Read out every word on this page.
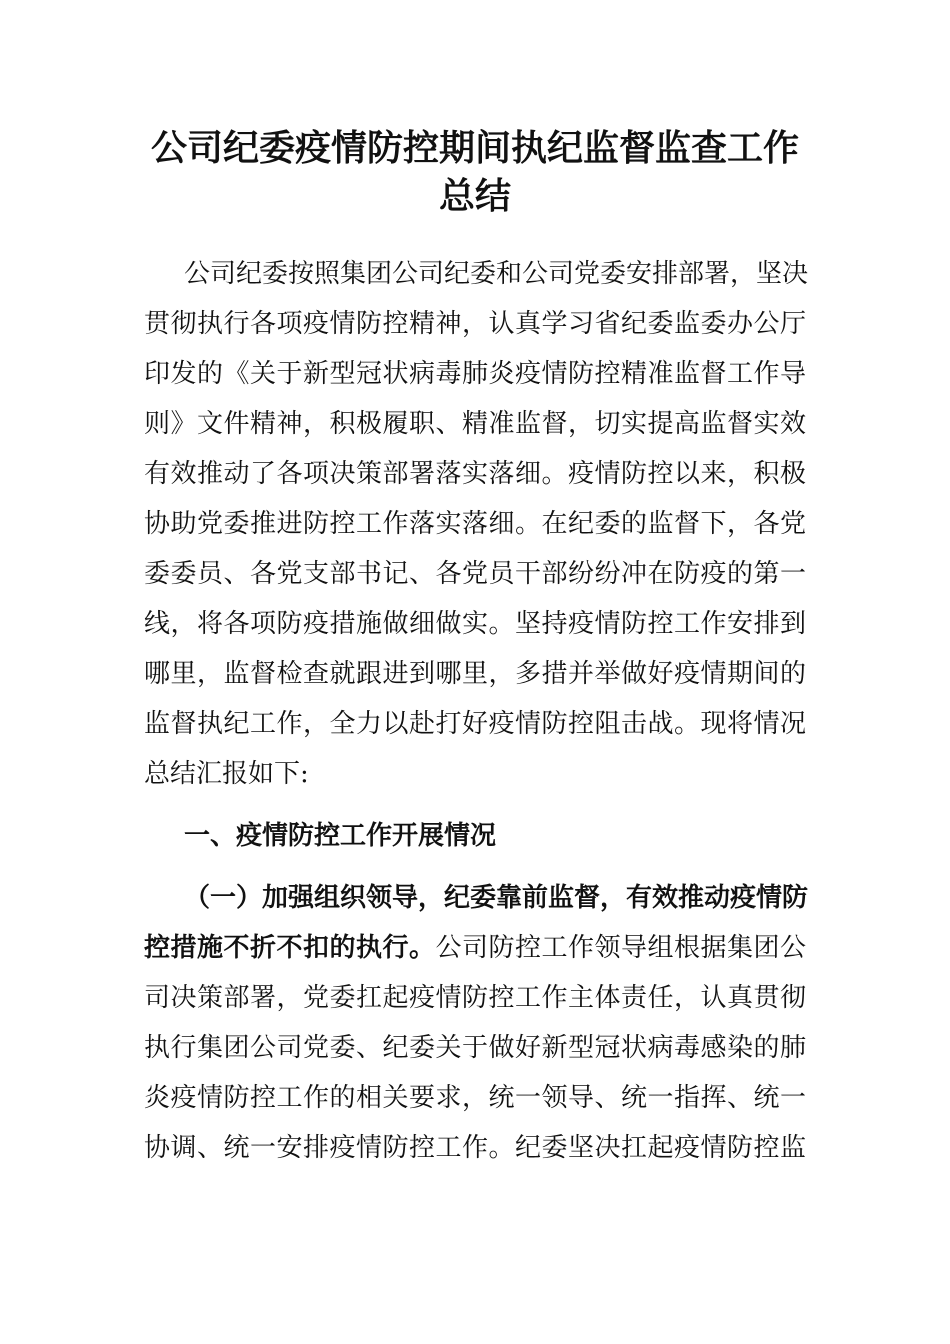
公司纪委疫情防控期间执纪监督监查工作
总结

公司纪委按照集团公司纪委和公司党委安排部署，坚决

贯彻执行各项疫情防控精神，认真学习省纪委监委办公厅

印发的《关于新型冠状病毒肺炎疫情防控精准监督工作导

则》文件精神，积极履职、精准监督，切实提高监督实效

有效推动了各项决策部署落实落细。疫情防控以来，积极

协助党委推进防控工作落实落细。在纪委的监督下，各党

委委员、各党支部书记、各党员干部纷纷冲在防疫的第一

线，将各项防疫措施做细做实。坚持疫情防控工作安排到

哪里，监督检查就跟进到哪里，多措并举做好疫情期间的

监督执纪工作，全力以赴打好疫情防控阻击战。现将情况

总结汇报如下:

一、疫情防控工作开展情况

（一）加强组织领导，纪委靠前监督，有效推动疫情防

控措施不折不扣的执行。公司防控工作领导组根据集团公

司决策部署，党委扛起疫情防控工作主体责任，认真贯彻

执行集团公司党委、纪委关于做好新型冠状病毒感染的肺

炎疫情防控工作的相关要求，统一领导、统一指挥、统一

协调、统一安排疫情防控工作。纪委坚决扛起疫情防控监
